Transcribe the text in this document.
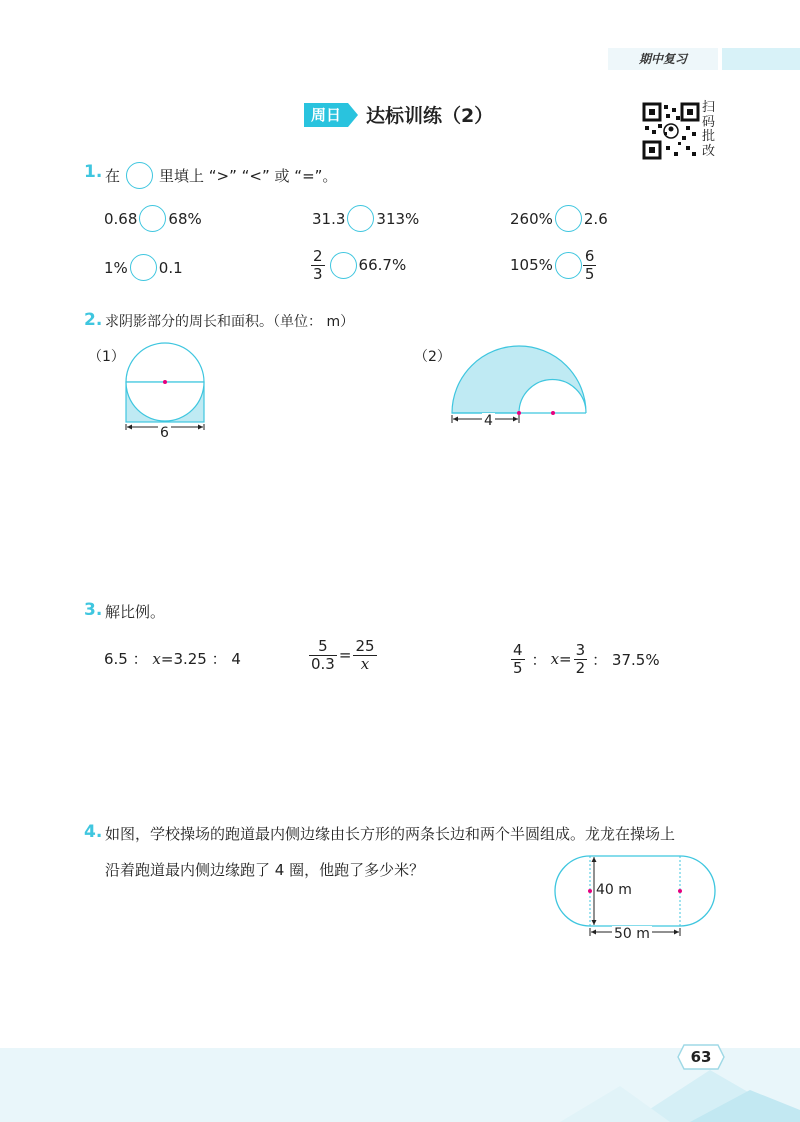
期中复习
周日	达标训练（2）	扫码批改
1. 在	里填上 “>” “<” 或 “=”。
0.68 68%	31.3 313%	260% 2.6
1% 0.1	$\frac{2}{3} 66.7\%$	$105\% \frac{6}{5}$
2. 求阴影部分的周长和面积。（单位： m）
（1）
6
（2）
4
3. 解比例。
6.5 ： x=3.25 ： 4	$\frac{5}{0.3} = \frac{25}{x}$	$\frac{4}{5}$ ： $x = \frac{3}{2}$ ： 37.5%
4. 如图，学校操场的跑道最内侧边缘由长方形的两条长边和两个半圆组成。龙龙在操场上
沿着跑道最内侧边缘跑了 4 圈，他跑了多少米？
40 m
50 m
63
